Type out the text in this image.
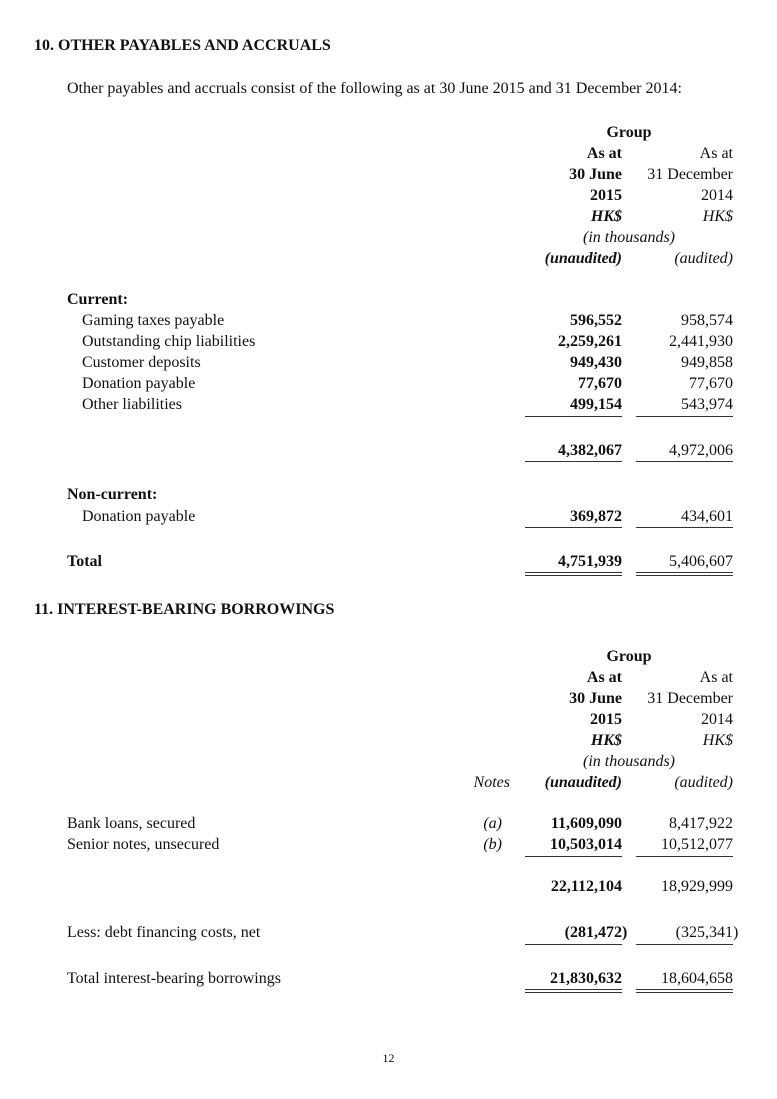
10. OTHER PAYABLES AND ACCRUALS
Other payables and accruals consist of the following as at 30 June 2015 and 31 December 2014:
Group
As at	As at
30 June	31 December
2015	2014
HK$	HK$
(in thousands)
(unaudited)	(audited)
Current:
Gaming taxes payable	596,552	958,574
Outstanding chip liabilities	2,259,261	2,441,930
Customer deposits	949,430	949,858
Donation payable	77,670	77,670
Other liabilities	499,154	543,974
4,382,067	4,972,006
Non-current:
Donation payable	369,872	434,601
Total	4,751,939	5,406,607
11. INTEREST-BEARING BORROWINGS
Group
As at	As at
30 June	31 December
2015	2014
HK$	HK$
(in thousands)
Notes	(unaudited)	(audited)
Bank loans, secured	(a)	11,609,090	8,417,922
Senior notes, unsecured	(b)	10,503,014	10,512,077
22,112,104	18,929,999
Less: debt financing costs, net	(281,472 )	(325,341 )
Total interest-bearing borrowings	21,830,632	18,604,658
12
